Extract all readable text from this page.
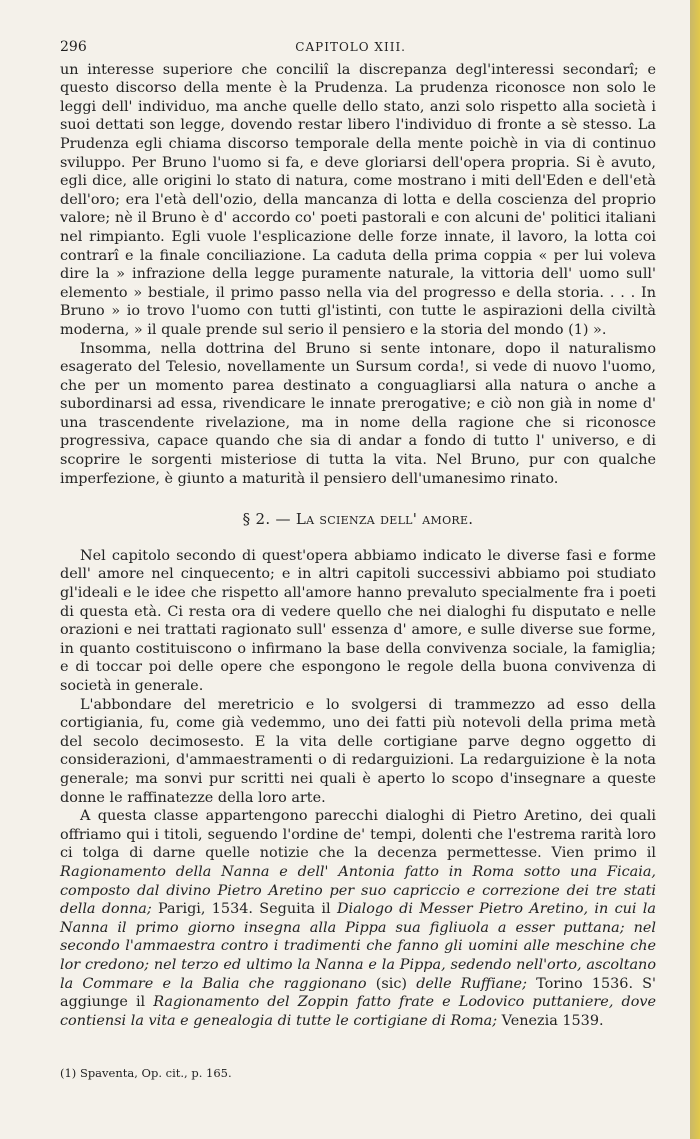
296	CAPITOLO XIII.

un interesse superiore che conciliî la discrepanza degl'interessi secondarî; e questo discorso della mente è la Prudenza. La prudenza riconosce non solo le leggi dell' individuo, ma anche quelle dello stato, anzi solo rispetto alla società i suoi dettati son legge, dovendo restar libero l'individuo di fronte a sè stesso. La Prudenza egli chiama discorso temporale della mente poichè in via di continuo sviluppo. Per Bruno l'uomo si fa, e deve gloriarsi dell'opera propria. Si è avuto, egli dice, alle origini lo stato di natura, come mostrano i miti dell'Eden e dell'età dell'oro; era l'età dell'ozio, della mancanza di lotta e della coscienza del proprio valore; nè il Bruno è d' accordo co' poeti pastorali e con alcuni de' politici italiani nel rimpianto. Egli vuole l'esplicazione delle forze innate, il lavoro, la lotta coi contrarî e la finale conciliazione. La caduta della prima coppia « per lui voleva dire la » infrazione della legge puramente naturale, la vittoria dell' uomo sull' elemento » bestiale, il primo passo nella via del progresso e della storia. . . . In Bruno » io trovo l'uomo con tutti gl'istinti, con tutte le aspirazioni della civiltà moderna, » il quale prende sul serio il pensiero e la storia del mondo (1) ».

Insomma, nella dottrina del Bruno si sente intonare, dopo il naturalismo esagerato del Telesio, novellamente un Sursum corda!, si vede di nuovo l'uomo, che per un momento parea destinato a conguagliarsi alla natura o anche a subordinarsi ad essa, rivendicare le innate prerogative; e ciò non già in nome d' una trascendente rivelazione, ma in nome della ragione che si riconosce progressiva, capace quando che sia di andar a fondo di tutto l' universo, e di scoprire le sorgenti misteriose di tutta la vita. Nel Bruno, pur con qualche imperfezione, è giunto a maturità il pensiero dell'umanesimo rinato.

§ 2. — La scienza dell' amore.

Nel capitolo secondo di quest'opera abbiamo indicato le diverse fasi e forme dell' amore nel cinquecento; e in altri capitoli successivi abbiamo poi studiato gl'ideali e le idee che rispetto all'amore hanno prevaluto specialmente fra i poeti di questa età. Ci resta ora di vedere quello che nei dialoghi fu disputato e nelle orazioni e nei trattati ragionato sull' essenza d' amore, e sulle diverse sue forme, in quanto costituiscono o infirmano la base della convivenza sociale, la famiglia; e di toccar poi delle opere che espongono le regole della buona convivenza di società in generale.

L'abbondare del meretricio e lo svolgersi di trammezzo ad esso della cortigiania, fu, come già vedemmo, uno dei fatti più notevoli della prima metà del secolo decimosesto. E la vita delle cortigiane parve degno oggetto di considerazioni, d'ammaestramenti o di redarguizioni. La redarguizione è la nota generale; ma sonvi pur scritti nei quali è aperto lo scopo d'insegnare a queste donne le raffinatezze della loro arte.

A questa classe appartengono parecchi dialoghi di Pietro Aretino, dei quali offriamo qui i titoli, seguendo l'ordine de' tempi, dolenti che l'estrema rarità loro ci tolga di darne quelle notizie che la decenza permettesse. Vien primo il Ragionamento della Nanna e dell' Antonia fatto in Roma sotto una Ficaia, composto dal divino Pietro Aretino per suo capriccio e correzione dei tre stati della donna; Parigi, 1534. Seguita il Dialogo di Messer Pietro Aretino, in cui la Nanna il primo giorno insegna alla Pippa sua figliuola a esser puttana; nel secondo l'ammaestra contro i tradimenti che fanno gli uomini alle meschine che lor credono; nel terzo ed ultimo la Nanna e la Pippa, sedendo nell'orto, ascoltano la Commare e la Balia che raggionano (sic) delle Ruffiane; Torino 1536. S' aggiunge il Ragionamento del Zoppin fatto frate e Lodovico puttaniere, dove contiensi la vita e genealogia di tutte le cortigiane di Roma; Venezia 1539.

(1) Spaventa, Op. cit., p. 165.
